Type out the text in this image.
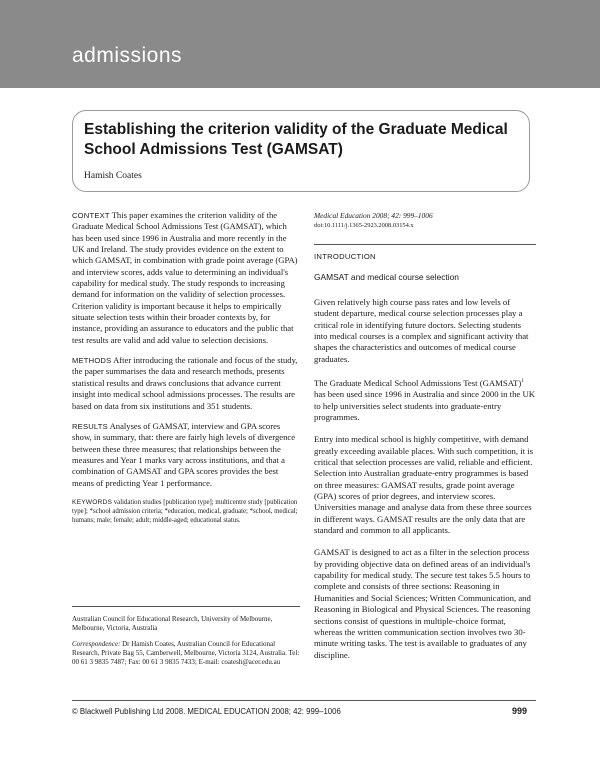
admissions
Establishing the criterion validity of the Graduate Medical School Admissions Test (GAMSAT)
Hamish Coates

CONTEXT This paper examines the criterion validity of the Graduate Medical School Admissions Test (GAMSAT), which has been used since 1996 in Australia and more recently in the UK and Ireland. The study provides evidence on the extent to which GAMSAT, in combination with grade point average (GPA) and interview scores, adds value to determining an individual's capability for medical study. The study responds to increasing demand for information on the validity of selection processes. Criterion validity is important because it helps to empirically situate selection tests within their broader contexts by, for instance, providing an assurance to educators and the public that test results are valid and add value to selection decisions.

METHODS After introducing the rationale and focus of the study, the paper summarises the data and research methods, presents statistical results and draws conclusions that advance current insight into medical school admissions processes. The results are based on data from six institutions and 351 students.

RESULTS Analyses of GAMSAT, interview and GPA scores show, in summary, that: there are fairly high levels of divergence between these three measures; that relationships between the measures and Year 1 marks vary across institutions, and that a combination of GAMSAT and GPA scores provides the best means of predicting Year 1 performance.

KEYWORDS validation studies [publication type]; multicentre study [publication type]; *school admission criteria; *education, medical, graduate; *school, medical; humans; male; female; adult; middle-aged; educational status.

Australian Council for Educational Research, University of Melbourne, Melbourne, Victoria, Australia

Correspondence: Dr Hamish Coates, Australian Council for Educational Research, Private Bag 55, Camberwell, Melbourne, Victoria 3124, Australia. Tel: 00 61 3 9835 7487; Fax: 00 61 3 9835 7433; E-mail: coatesh@acer.edu.au

Medical Education 2008; 42: 999–1006
doi:10.1111/j.1365-2923.2008.03154.x
INTRODUCTION
GAMSAT and medical course selection

Given relatively high course pass rates and low levels of student departure, medical course selection processes play a critical role in identifying future doctors. Selecting students into medical courses is a complex and significant activity that shapes the characteristics and outcomes of medical course graduates.

The Graduate Medical School Admissions Test (GAMSAT)$^1$ has been used since 1996 in Australia and since 2000 in the UK to help universities select students into graduate-entry programmes.

Entry into medical school is highly competitive, with demand greatly exceeding available places. With such competition, it is critical that selection processes are valid, reliable and efficient. Selection into Australian graduate-entry programmes is based on three measures: GAMSAT results, grade point average (GPA) scores of prior degrees, and interview scores. Universities manage and analyse data from these three sources in different ways. GAMSAT results are the only data that are standard and common to all applicants.

GAMSAT is designed to act as a filter in the selection process by providing objective data on defined areas of an individual's capability for medical study. The secure test takes 5.5 hours to complete and consists of three sections: Reasoning in Humanities and Social Sciences; Written Communication, and Reasoning in Biological and Physical Sciences. The reasoning sections consist of questions in multiple-choice format, whereas the written communication section involves two 30-minute writing tasks. The test is available to graduates of any discipline.

© Blackwell Publishing Ltd 2008. MEDICAL EDUCATION 2008; 42: 999–1006	999
